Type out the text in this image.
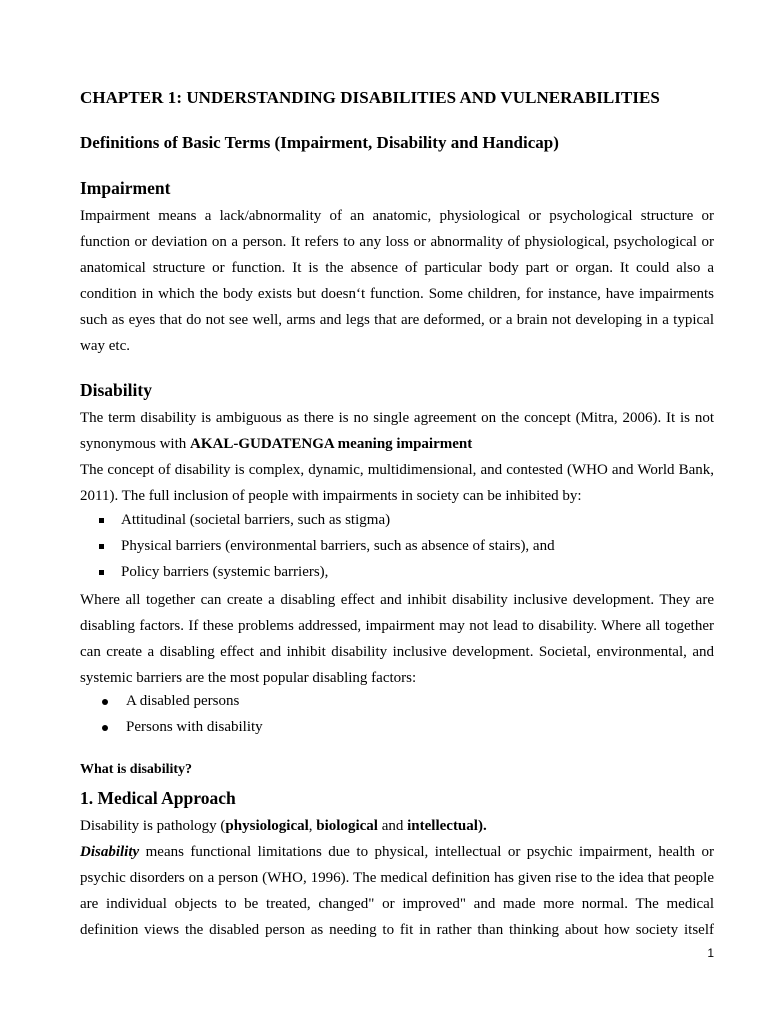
CHAPTER 1: UNDERSTANDING DISABILITIES AND VULNERABILITIES

Definitions of Basic Terms (Impairment, Disability and Handicap)

Impairment

Impairment means a lack/abnormality of an anatomic, physiological or psychological structure or
function or deviation on a person. It refers to any loss or abnormality of physiological, psychological or
anatomical structure or function. It is the absence of particular body part or organ. It could also a
condition in which the body exists but doesn‘t function. Some children, for instance, have impairments
such as eyes that do not see well, arms and legs that are deformed, or a brain not developing in a typical
way etc.

Disability

The term disability is ambiguous as there is no single agreement on the concept (Mitra, 2006). It is not
synonymous with AKAL-GUDATENGA meaning impairment
The concept of disability is complex, dynamic, multidimensional, and contested (WHO and World Bank,
2011). The full inclusion of people with impairments in society can be inhibited by:
Attitudinal (societal barriers, such as stigma)
Physical barriers (environmental barriers, such as absence of stairs), and
Policy barriers (systemic barriers),
Where all together can create a disabling effect and inhibit disability inclusive development. They are
disabling factors. If these problems addressed, impairment may not lead to disability. Where all together
can create a disabling effect and inhibit disability inclusive development. Societal, environmental, and
systemic barriers are the most popular disabling factors:
A disabled persons
Persons with disability

What is disability?

1. Medical Approach

Disability is pathology (physiological, biological and intellectual).
Disability means functional limitations due to physical, intellectual or psychic impairment, health or
psychic disorders on a person (WHO, 1996). The medical definition has given rise to the idea that people
are individual objects to be treated, changed" or improved" and made more normal. The medical
definition views the disabled person as needing to fit in rather than thinking about how society itself
1
